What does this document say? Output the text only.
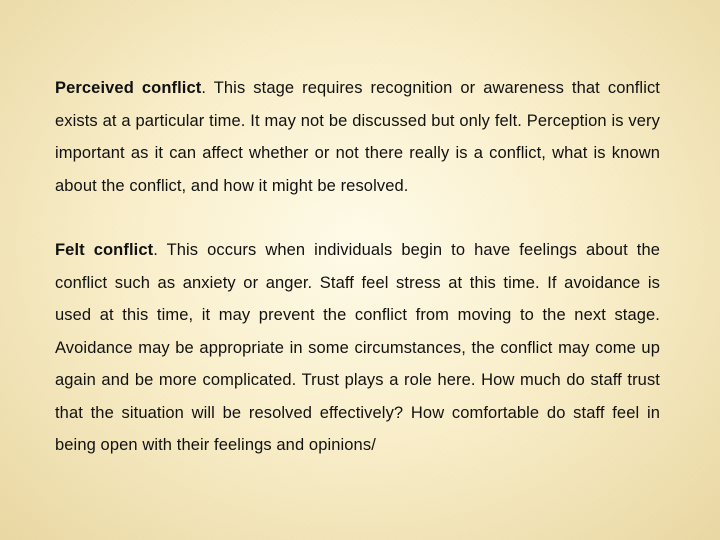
Perceived conflict. This stage requires recognition or awareness that conflict exists at a particular time. It may not be discussed but only felt. Perception is very important as it can affect whether or not there really is a conflict, what is known about the conflict, and how it might be resolved.

Felt conflict. This occurs when individuals begin to have feelings about the conflict such as anxiety or anger. Staff feel stress at this time. If avoidance is used at this time, it may prevent the conflict from moving to the next stage. Avoidance may be appropriate in some circumstances, the conflict may come up again and be more complicated. Trust plays a role here. How much do staff trust that the situation will be resolved effectively? How comfortable do staff feel in being open with their feelings and opinions/
